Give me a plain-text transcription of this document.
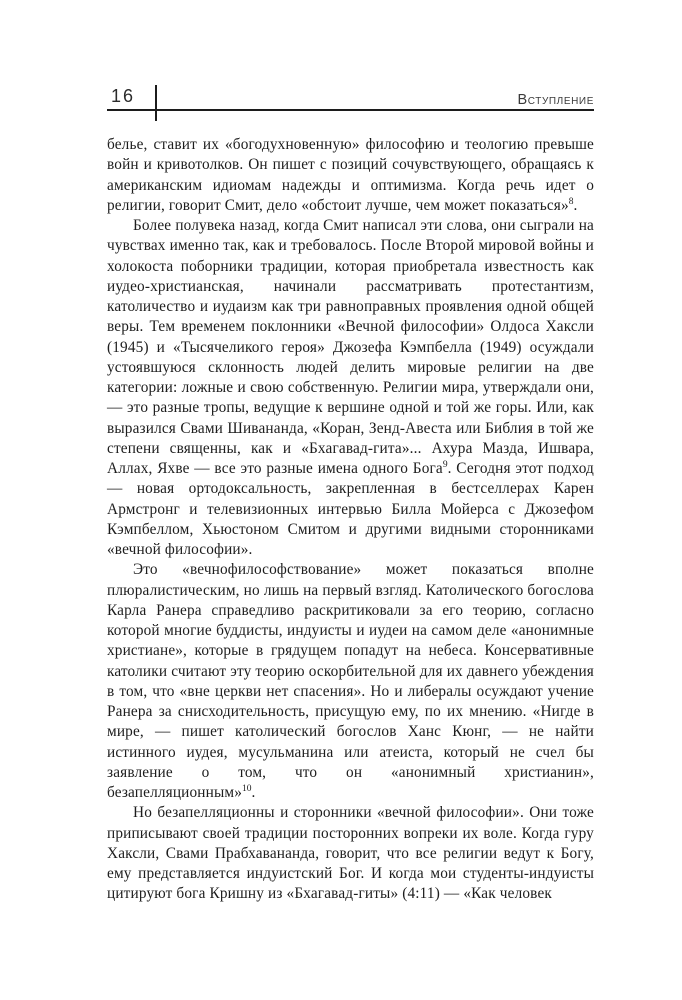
16	Вступление

белье, ставит их «богодухновенную» философию и теологию превыше войн и кривотолков. Он пишет с позиций сочувствующего, обращаясь к американским идиомам надежды и оптимизма. Когда речь идет о религии, говорит Смит, дело «обстоит лучше, чем может показаться»$^8$.

Более полувека назад, когда Смит написал эти слова, они сыграли на чувствах именно так, как и требовалось. После Второй мировой войны и холокоста поборники традиции, которая приобретала известность как иудео-христианская, начинали рассматривать протестантизм, католичество и иудаизм как три равноправных проявления одной общей веры. Тем временем поклонники «Вечной философии» Олдоса Хаксли (1945) и «Тысячеликого героя» Джозефа Кэмпбелла (1949) осуждали устоявшуюся склонность людей делить мировые религии на две категории: ложные и свою собственную. Религии мира, утверждали они, — это разные тропы, ведущие к вершине одной и той же горы. Или, как выразился Свами Шивананда, «Коран, Зенд-Авеста или Библия в той же степени священны, как и «Бхагавад-гита»... Ахура Мазда, Ишвара, Аллах, Яхве — все это разные имена одного Бога$^9$. Сегодня этот подход — новая ортодоксальность, закрепленная в бестселлерах Карен Армстронг и телевизионных интервью Билла Мойерса с Джозефом Кэмпбеллом, Хьюстоном Смитом и другими видными сторонниками «вечной философии».

Это «вечнофилософствование» может показаться вполне плюралистическим, но лишь на первый взгляд. Католического богослова Карла Ранера справедливо раскритиковали за его теорию, согласно которой многие буддисты, индуисты и иудеи на самом деле «анонимные христиане», которые в грядущем попадут на небеса. Консервативные католики считают эту теорию оскорбительной для их давнего убеждения в том, что «вне церкви нет спасения». Но и либералы осуждают учение Ранера за снисходительность, присущую ему, по их мнению. «Нигде в мире, — пишет католический богослов Ханс Кюнг, — не найти истинного иудея, мусульманина или атеиста, который не счел бы заявление о том, что он «анонимный христианин», безапелляционным»$^{10}$.

Но безапелляционны и сторонники «вечной философии». Они тоже приписывают своей традиции посторонних вопреки их воле. Когда гуру Хаксли, Свами Прабхавананда, говорит, что все религии ведут к Богу, ему представляется индуистский Бог. И когда мои студенты-индуисты цитируют бога Кришну из «Бхагавад-гиты» (4:11) — «Как человек
